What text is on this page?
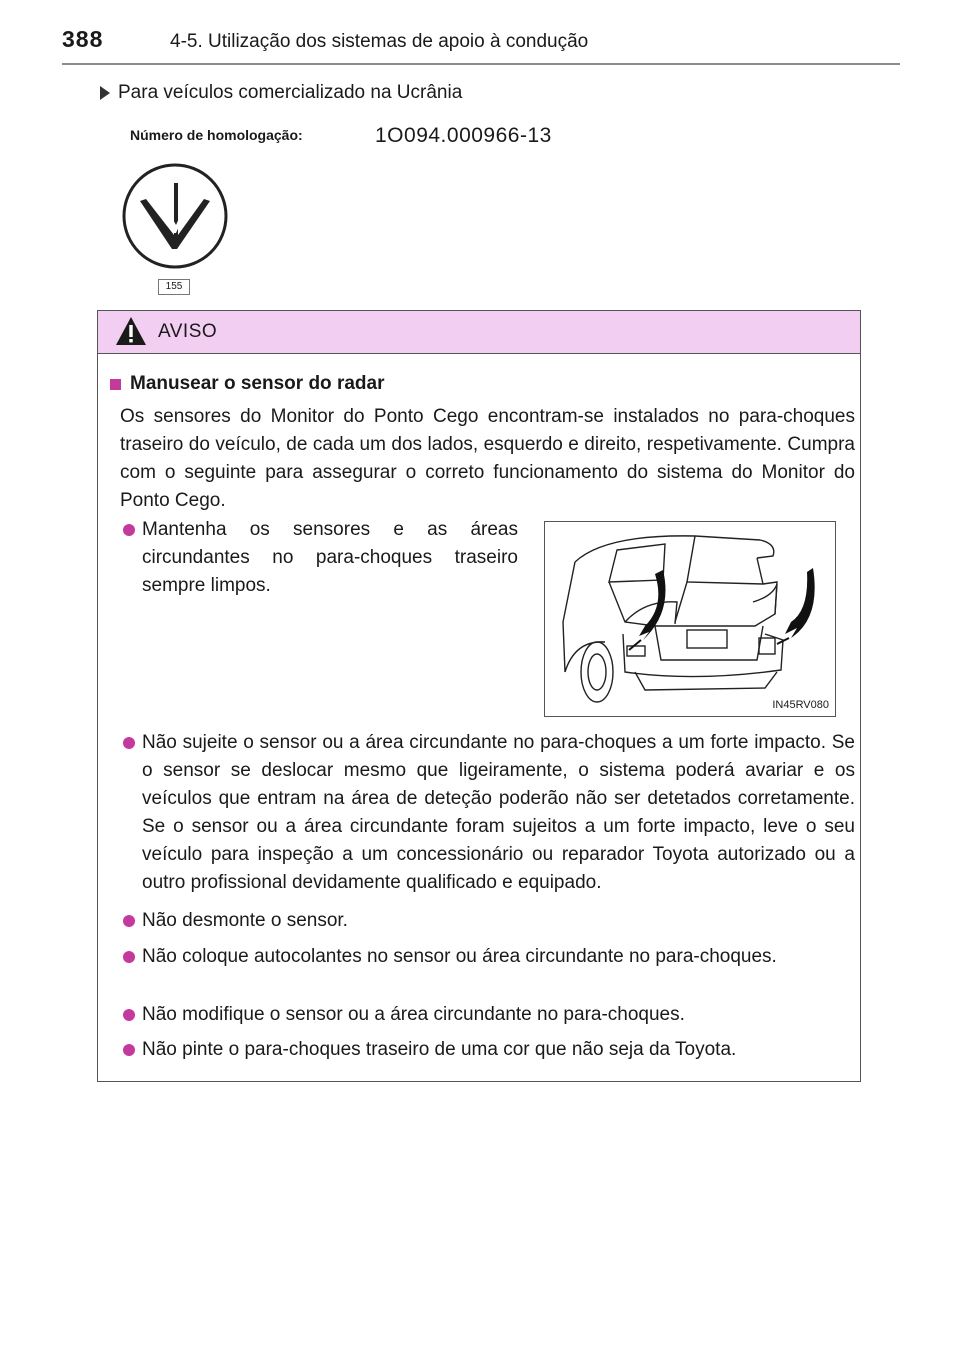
388	4-5. Utilização dos sistemas de apoio à condução
Para veículos comercializado na Ucrânia
Número de homologação:	1O094.000966-13
155
AVISO
Manusear o sensor do radar
Os sensores do Monitor do Ponto Cego encontram-se instalados no para-choques traseiro do veículo, de cada um dos lados, esquerdo e direito, respetivamente. Cumpra com o seguinte para assegurar o correto funcionamento do sistema do Monitor do Ponto Cego.
Mantenha os sensores e as áreas circundantes no para-choques traseiro sempre limpos.
IN45RV080
Não sujeite o sensor ou a área circundante no para-choques a um forte impacto. Se o sensor se deslocar mesmo que ligeiramente, o sistema poderá avariar e os veículos que entram na área de deteção poderão não ser detetados corretamente. Se o sensor ou a área circundante foram sujeitos a um forte impacto, leve o seu veículo para inspeção a um concessionário ou reparador Toyota autorizado ou a outro profissional devidamente qualificado e equipado.
Não desmonte o sensor.
Não coloque autocolantes no sensor ou área circundante no para-choques.
Não modifique o sensor ou a área circundante no para-choques.
Não pinte o para-choques traseiro de uma cor que não seja da Toyota.
